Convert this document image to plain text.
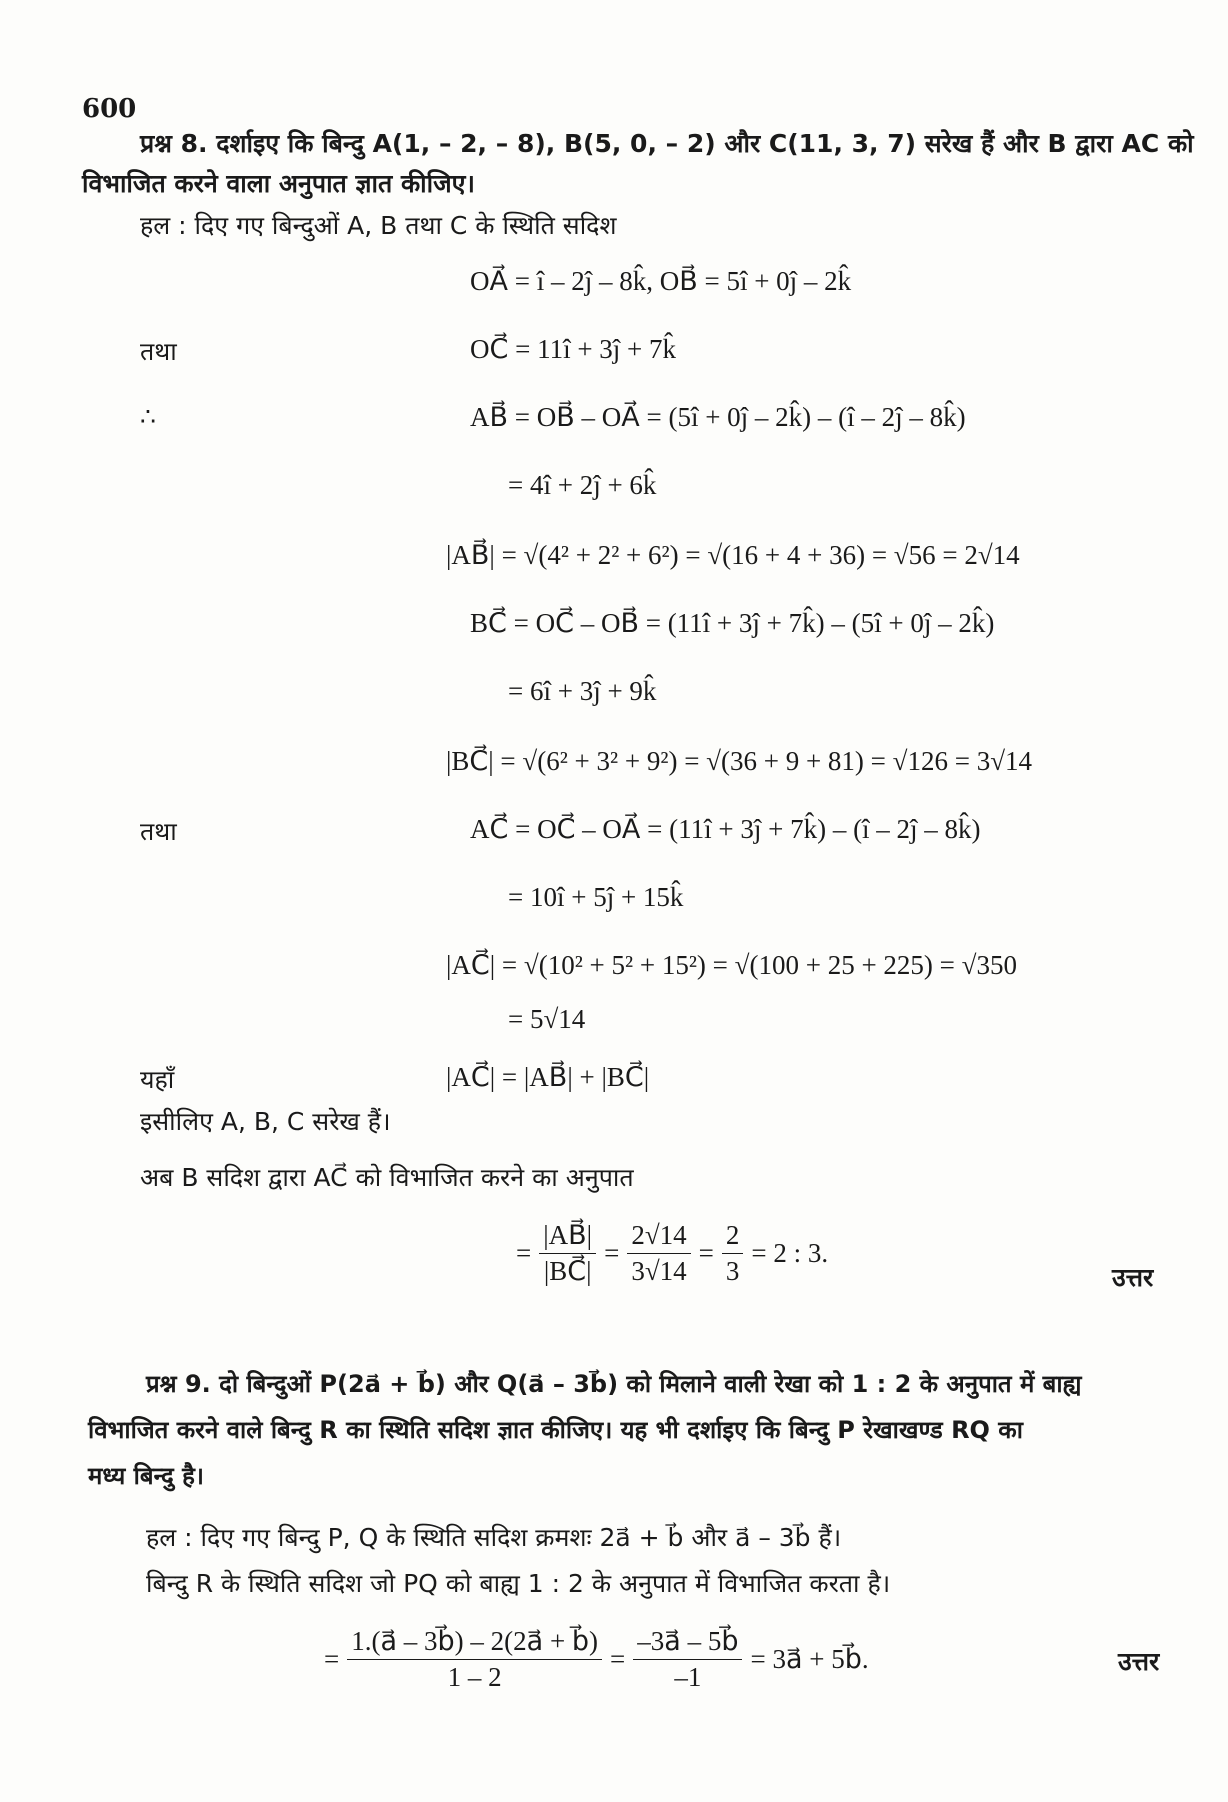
600
प्रश्न 8. दर्शाइए कि बिन्दु A(1, – 2, – 8), B(5, 0, – 2) और C(11, 3, 7) सरेख हैं और B द्वारा AC को
विभाजित करने वाला अनुपात ज्ञात कीजिए।
हल : दिए गए बिन्दुओं A, B तथा C के स्थिति सदिश
OA⃗ = î – 2ĵ – 8k̂, OB⃗ = 5î + 0ĵ – 2k̂
तथा	OC⃗ = 11î + 3ĵ + 7k̂
∴	AB⃗ = OB⃗ – OA⃗ = (5î + 0ĵ – 2k̂) – (î – 2ĵ – 8k̂)
= 4î + 2ĵ + 6k̂
|AB⃗| = √(4² + 2² + 6²) = √(16 + 4 + 36) = √56 = 2√14
BC⃗ = OC⃗ – OB⃗ = (11î + 3ĵ + 7k̂) – (5î + 0ĵ – 2k̂)
= 6î + 3ĵ + 9k̂
|BC⃗| = √(6² + 3² + 9²) = √(36 + 9 + 81) = √126 = 3√14
तथा	AC⃗ = OC⃗ – OA⃗ = (11î + 3ĵ + 7k̂) – (î – 2ĵ – 8k̂)
= 10î + 5ĵ + 15k̂
|AC⃗| = √(10² + 5² + 15²) = √(100 + 25 + 225) = √350
= 5√14
यहाँ	|AC⃗| = |AB⃗| + |BC⃗|
इसीलिए A, B, C सरेख हैं।
अब B सदिश द्वारा AC⃗ को विभाजित करने का अनुपात
= $\frac{|AB⃗|}{|BC⃗|} = \frac{2√14}{3√14} = \frac{2}{3} = 2$ : 3.
उत्तर
प्रश्न 9. दो बिन्दुओं P(2a⃗ + b⃗) और Q(a⃗ – 3b⃗) को मिलाने वाली रेखा को 1 : 2 के अनुपात में बाह्य
विभाजित करने वाले बिन्दु R का स्थिति सदिश ज्ञात कीजिए। यह भी दर्शाइए कि बिन्दु P रेखाखण्ड RQ का
मध्य बिन्दु है।
हल : दिए गए बिन्दु P, Q के स्थिति सदिश क्रमशः 2a⃗ + b⃗ और a⃗ – 3b⃗ हैं।
बिन्दु R के स्थिति सदिश जो PQ को बाह्य 1 : 2 के अनुपात में विभाजित करता है।
= $\frac{1.(a⃗ - 3b⃗) - 2(2a⃗ + b⃗)}{1 - 2} = \frac{-3a⃗ - 5b⃗}{-1}$ = 3a⃗ + 5b⃗.	उत्तर
